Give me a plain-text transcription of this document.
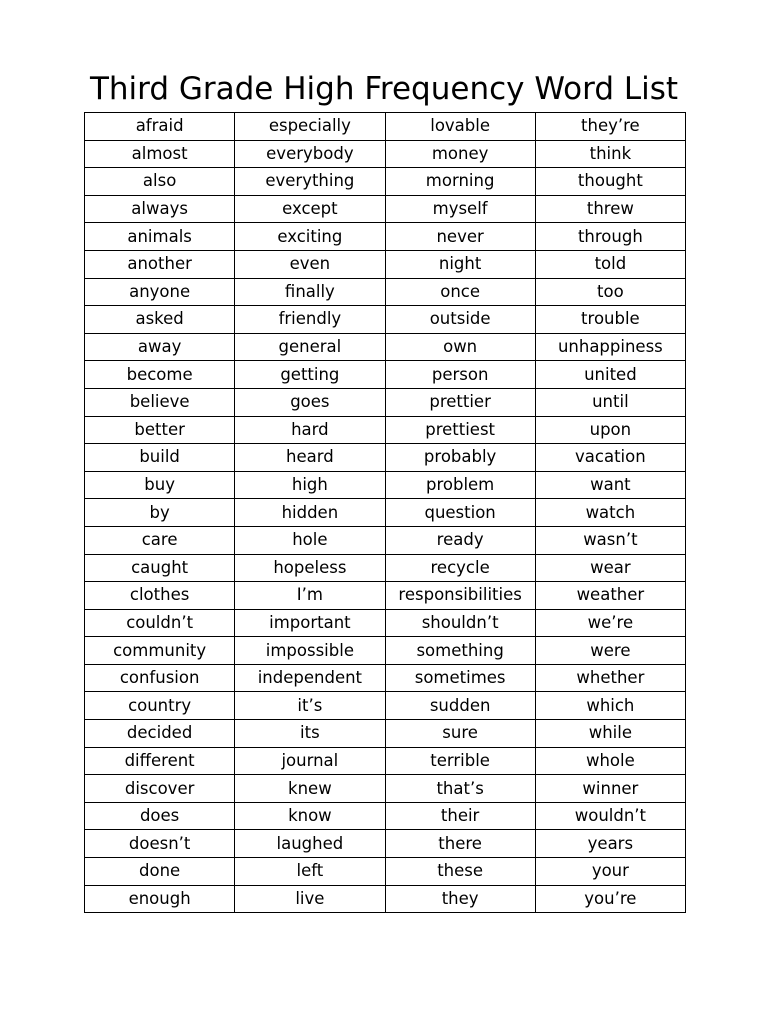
Third Grade High Frequency Word List
afraid	especially	lovable	they’re
almost	everybody	money	think
also	everything	morning	thought
always	except	myself	threw
animals	exciting	never	through
another	even	night	told
anyone	finally	once	too
asked	friendly	outside	trouble
away	general	own	unhappiness
become	getting	person	united
believe	goes	prettier	until
better	hard	prettiest	upon
build	heard	probably	vacation
buy	high	problem	want
by	hidden	question	watch
care	hole	ready	wasn’t
caught	hopeless	recycle	wear
clothes	I’m	responsibilities	weather
couldn’t	important	shouldn’t	we’re
community	impossible	something	were
confusion	independent	sometimes	whether
country	it’s	sudden	which
decided	its	sure	while
different	journal	terrible	whole
discover	knew	that’s	winner
does	know	their	wouldn’t
doesn’t	laughed	there	years
done	left	these	your
enough	live	they	you’re
